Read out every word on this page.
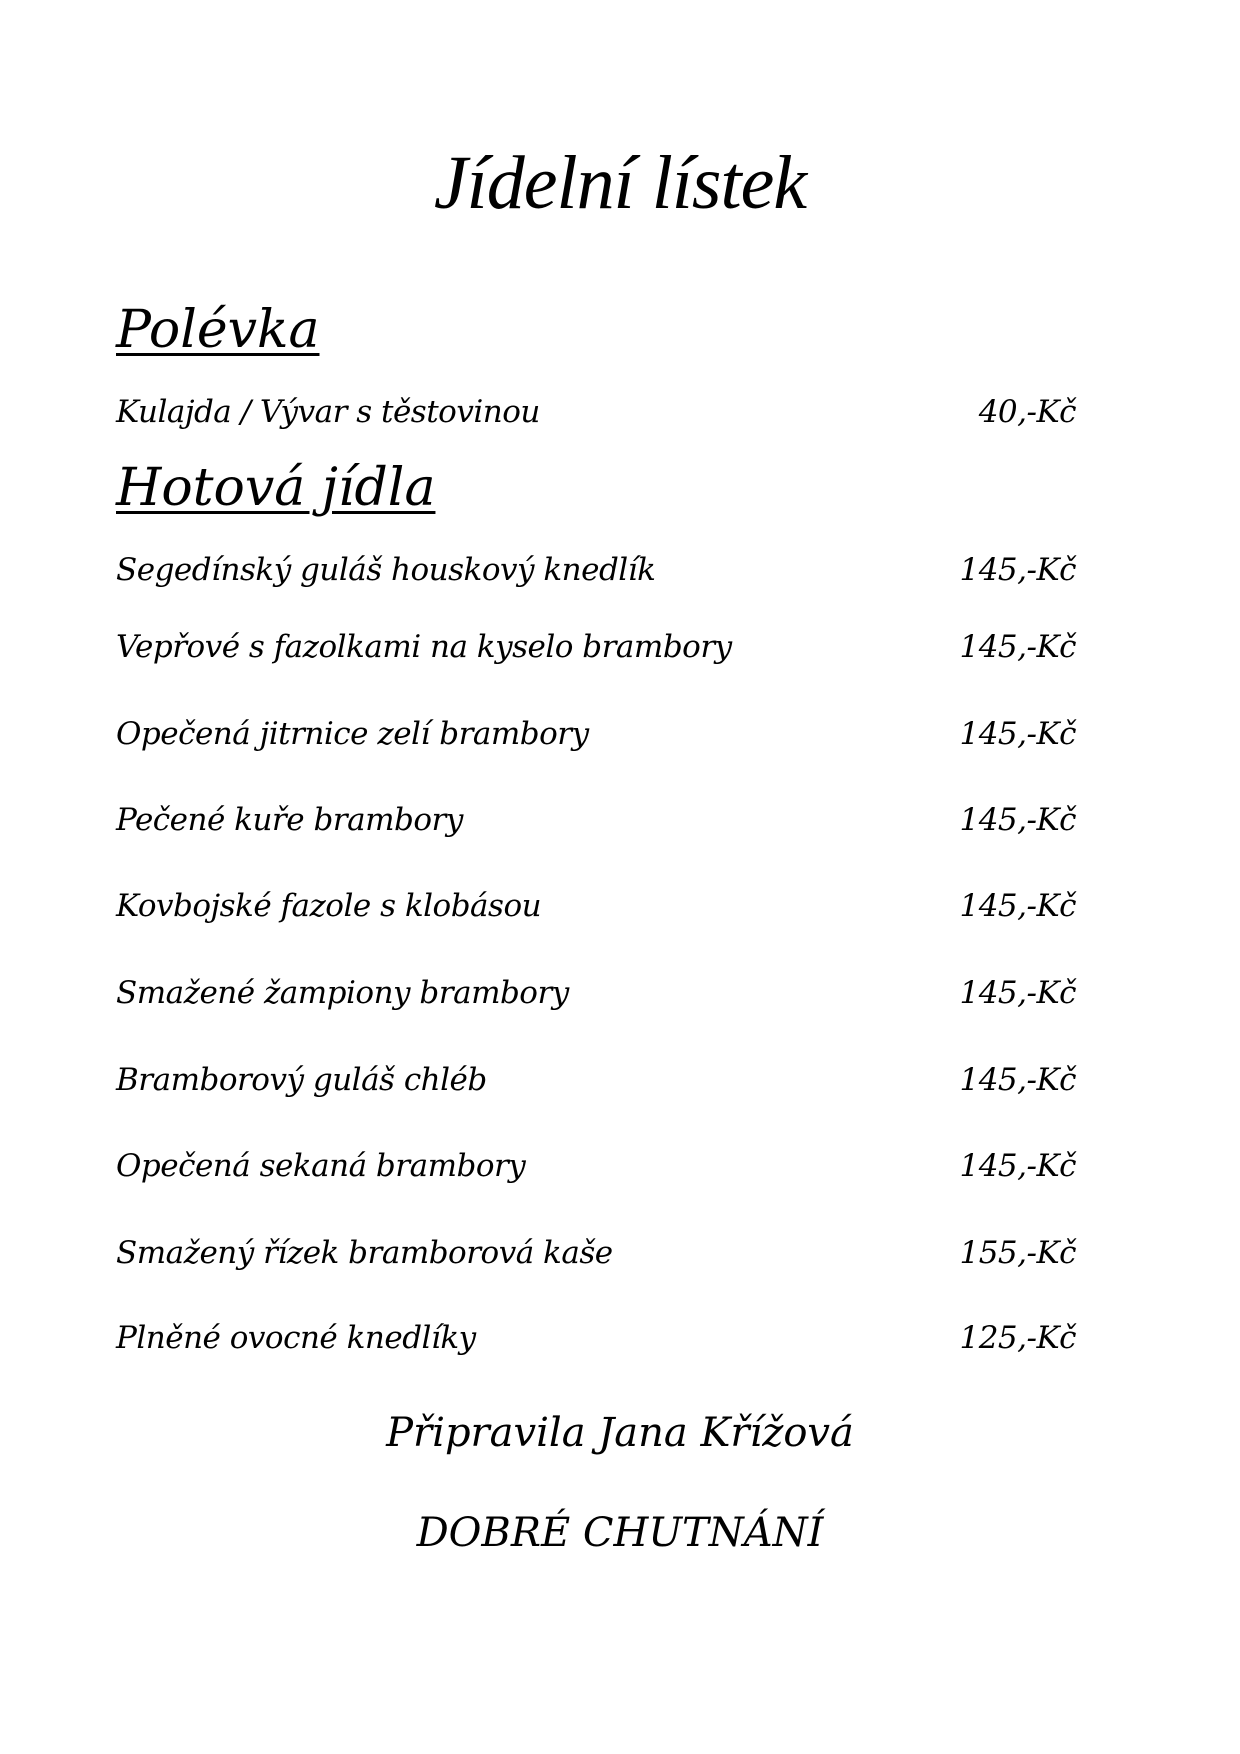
Jídelní lístek
Polévka
Kulajda / Vývar s těstovinou	40,-Kč
Hotová jídla
Segedínský guláš houskový knedlík	145,-Kč
Vepřové s fazolkami na kyselo brambory	145,-Kč
Opečená jitrnice zelí brambory	145,-Kč
Pečené kuře brambory	145,-Kč
Kovbojské fazole s klobásou	145,-Kč
Smažené žampiony brambory	145,-Kč
Bramborový guláš chléb	145,-Kč
Opečená sekaná brambory	145,-Kč
Smažený řízek bramborová kaše	155,-Kč
Plněné ovocné knedlíky	125,-Kč
Připravila Jana Křížová
DOBRÉ CHUTNÁNÍ
